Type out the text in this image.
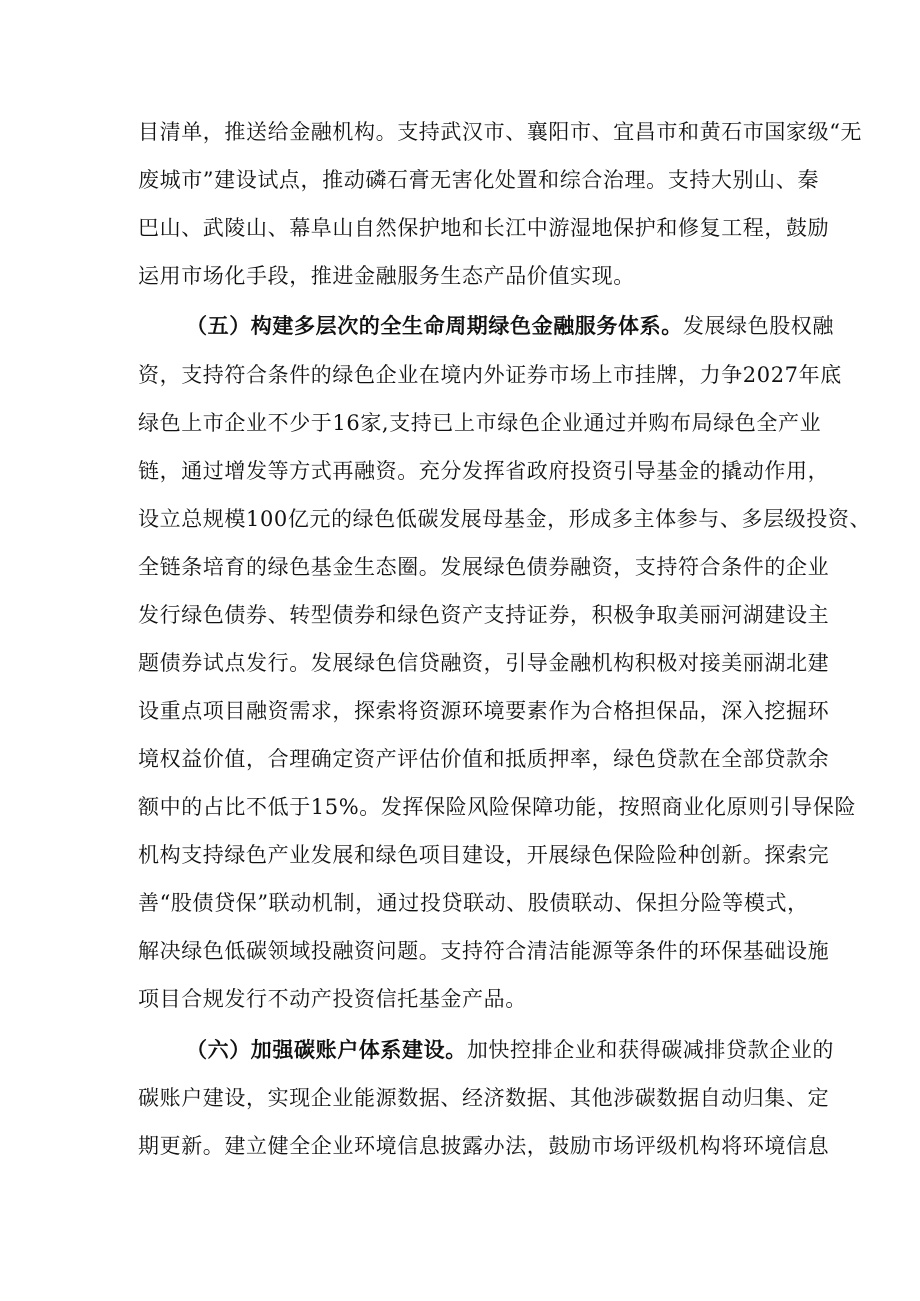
目清单，推送给金融机构。支持武汉市、襄阳市、宜昌市和黄石市国家级“无
废城市”建设试点，推动磷石膏无害化处置和综合治理。支持大别山、秦
巴山、武陵山、幕阜山自然保护地和长江中游湿地保护和修复工程，鼓励
运用市场化手段，推进金融服务生态产品价值实现。
（五）构建多层次的全生命周期绿色金融服务体系。发展绿色股权融
资，支持符合条件的绿色企业在境内外证券市场上市挂牌，力争2027年底
绿色上市企业不少于16家,支持已上市绿色企业通过并购布局绿色全产业
链，通过增发等方式再融资。充分发挥省政府投资引导基金的撬动作用，
设立总规模100亿元的绿色低碳发展母基金，形成多主体参与、多层级投资、
全链条培育的绿色基金生态圈。发展绿色债券融资，支持符合条件的企业
发行绿色债券、转型债券和绿色资产支持证券，积极争取美丽河湖建设主
题债券试点发行。发展绿色信贷融资，引导金融机构积极对接美丽湖北建
设重点项目融资需求，探索将资源环境要素作为合格担保品，深入挖掘环
境权益价值，合理确定资产评估价值和抵质押率，绿色贷款在全部贷款余
额中的占比不低于15%。发挥保险风险保障功能，按照商业化原则引导保险
机构支持绿色产业发展和绿色项目建设，开展绿色保险险种创新。探索完
善“股债贷保”联动机制，通过投贷联动、股债联动、保担分险等模式，
解决绿色低碳领域投融资问题。支持符合清洁能源等条件的环保基础设施
项目合规发行不动产投资信托基金产品。
（六）加强碳账户体系建设。加快控排企业和获得碳减排贷款企业的
碳账户建设，实现企业能源数据、经济数据、其他涉碳数据自动归集、定
期更新。建立健全企业环境信息披露办法，鼓励市场评级机构将环境信息
